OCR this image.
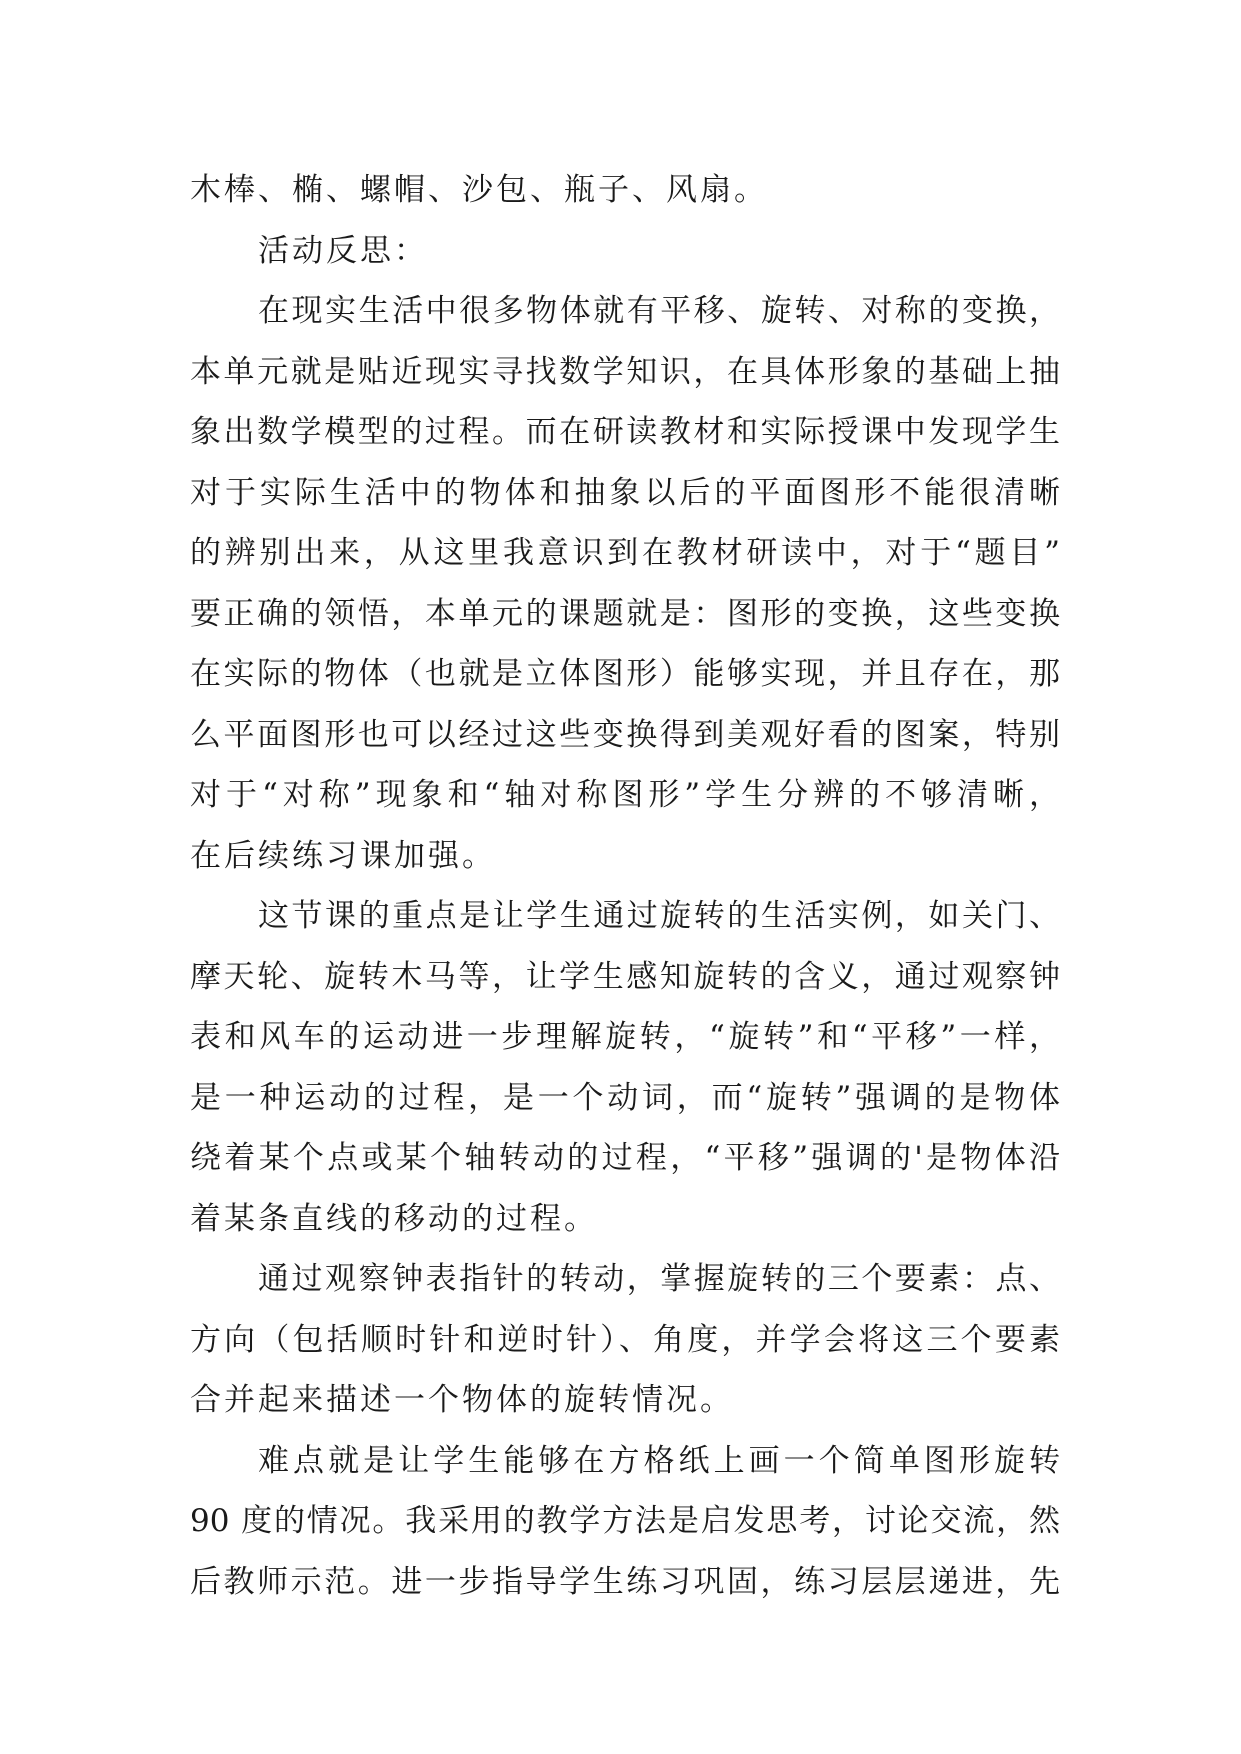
木棒、椭、螺帽、沙包、瓶子、风扇。
活动反思：
在现实生活中很多物体就有平移、旋转、对称的变换，
本单元就是贴近现实寻找数学知识，在具体形象的基础上抽
象出数学模型的过程。而在研读教材和实际授课中发现学生
对于实际生活中的物体和抽象以后的平面图形不能很清晰
的辨别出来，从这里我意识到在教材研读中，对于“题目”
要正确的领悟，本单元的课题就是：图形的变换，这些变换
在实际的物体（也就是立体图形）能够实现，并且存在，那
么平面图形也可以经过这些变换得到美观好看的图案，特别
对于“对称”现象和“轴对称图形”学生分辨的不够清晰，
在后续练习课加强。
这节课的重点是让学生通过旋转的生活实例，如关门、
摩天轮、旋转木马等，让学生感知旋转的含义，通过观察钟
表和风车的运动进一步理解旋转，“旋转”和“平移”一样，
是一种运动的过程，是一个动词，而“旋转”强调的是物体
绕着某个点或某个轴转动的过程，“平移”强调的'是物体沿
着某条直线的移动的过程。
通过观察钟表指针的转动，掌握旋转的三个要素：点、
方向（包括顺时针和逆时针）、角度，并学会将这三个要素
合并起来描述一个物体的旋转情况。
难点就是让学生能够在方格纸上画一个简单图形旋转
90 度的情况。我采用的教学方法是启发思考，讨论交流，然
后教师示范。进一步指导学生练习巩固，练习层层递进，先
